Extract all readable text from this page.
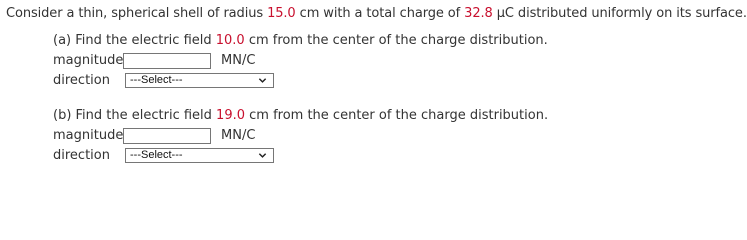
Consider a thin, spherical shell of radius 15.0 cm with a total charge of 32.8 μC distributed uniformly on its surface.

(a) Find the electric field 10.0 cm from the center of the charge distribution.

magnitude	MN/C
direction	---Select---

(b) Find the electric field 19.0 cm from the center of the charge distribution.

magnitude	MN/C
direction	---Select---
